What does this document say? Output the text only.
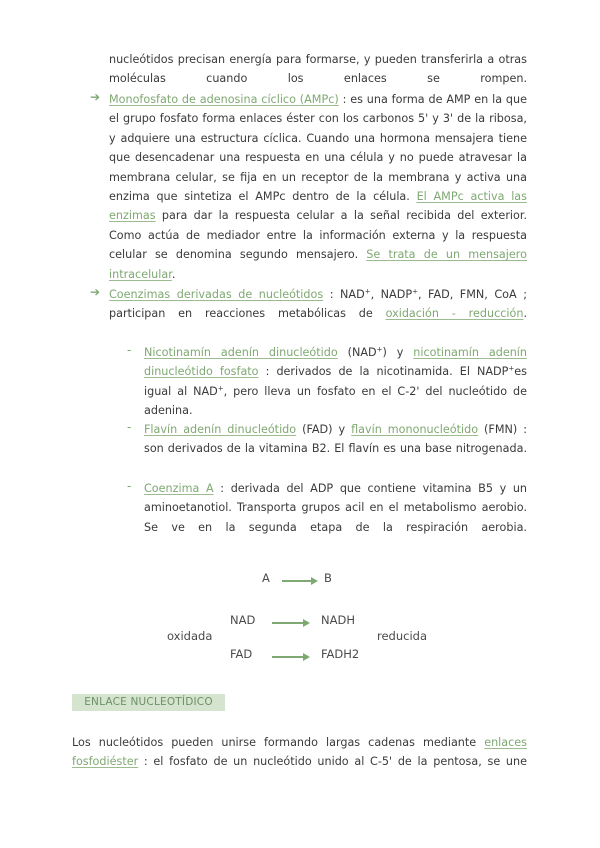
nucleótidos precisan energía para formarse, y pueden transferirla a otras moléculas cuando los enlaces se rompen.
➔ Monofosfato de adenosina cíclico (AMPc) : es una forma de AMP en la que el grupo fosfato forma enlaces éster con los carbonos 5' y 3' de la ribosa, y adquiere una estructura cíclica. Cuando una hormona mensajera tiene que desencadenar una respuesta en una célula y no puede atravesar la membrana celular, se fija en un receptor de la membrana y activa una enzima que sintetiza el AMPc dentro de la célula. El AMPc activa las enzimas para dar la respuesta celular a la señal recibida del exterior. Como actúa de mediador entre la información externa y la respuesta celular se denomina segundo mensajero. Se trata de un mensajero intracelular.
➔ Coenzimas derivadas de nucleótidos : NAD+, NADP+, FAD, FMN, CoA ; participan en reacciones metabólicas de oxidación - reducción.
- Nicotinamín adenín dinucleótido (NAD+) y nicotinamín adenín dinucleótido fosfato : derivados de la nicotinamida. El NADP+es igual al NAD+, pero lleva un fosfato en el C-2' del nucleótido de adenina.
- Flavín adenín dinucleótido (FAD) y flavín mononucleótido (FMN) : son derivados de la vitamina B2. El flavín es una base nitrogenada.
- Coenzima A : derivada del ADP que contiene vitamina B5 y un aminoetanotiol. Transporta grupos acil en el metabolismo aerobio. Se ve en la segunda etapa de la respiración aerobia.
A	B
oxidada
NAD	NADH
FAD	FADH2
reducida
ENLACE NUCLEOTÍDICO
Los nucleótidos pueden unirse formando largas cadenas mediante enlaces fosfodiéster : el fosfato de un nucleótido unido al C-5' de la pentosa, se une
